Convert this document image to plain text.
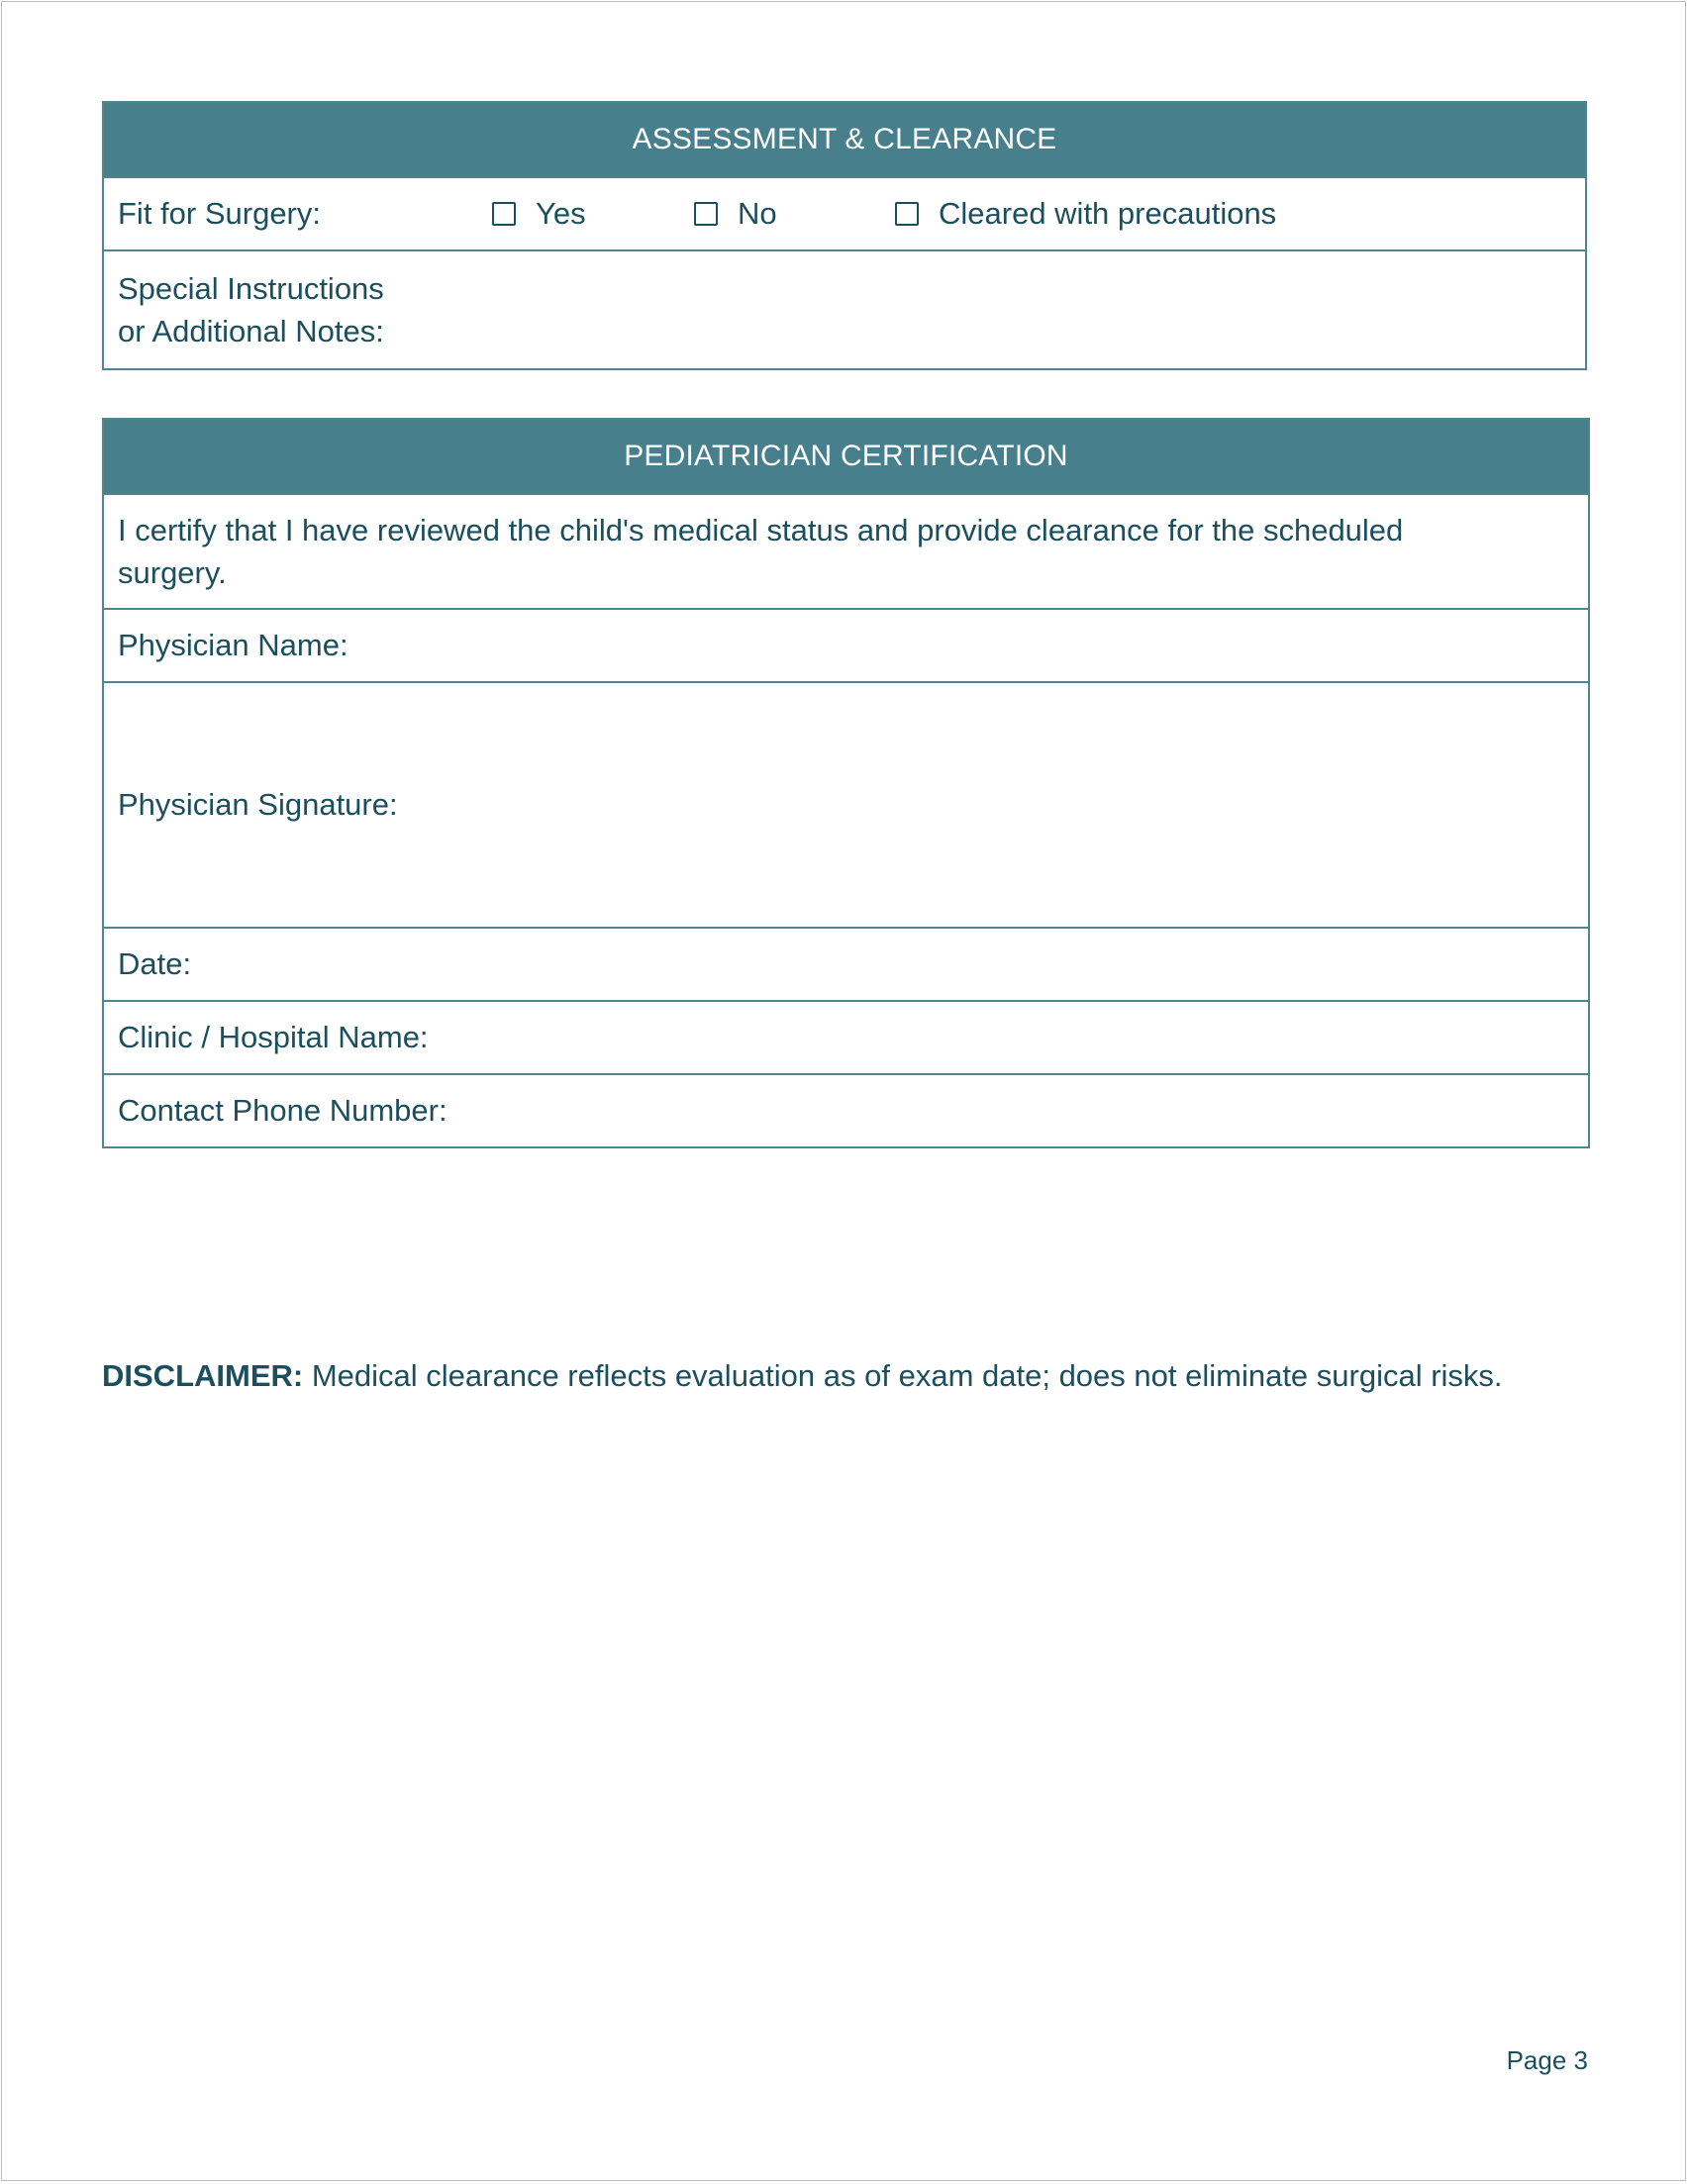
ASSESSMENT & CLEARANCE
Fit for Surgery:	Yes	No	Cleared with precautions
Special Instructions
or Additional Notes:
PEDIATRICIAN CERTIFICATION
I certify that I have reviewed the child's medical status and provide clearance for the scheduled
surgery.
Physician Name:
Physician Signature:
Date:
Clinic / Hospital Name:
Contact Phone Number:
DISCLAIMER: Medical clearance reflects evaluation as of exam date; does not eliminate surgical risks.
Page 3
